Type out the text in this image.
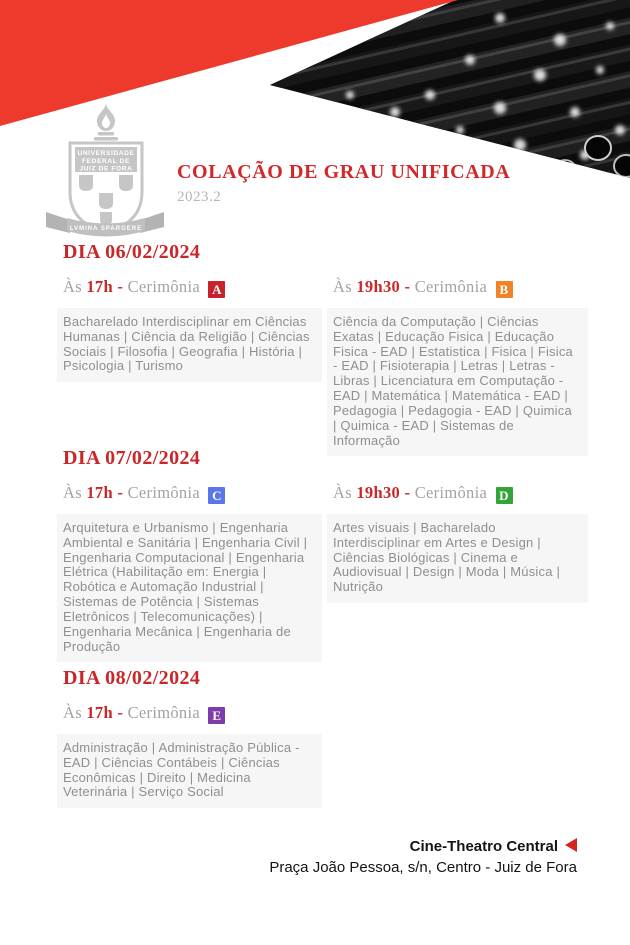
UNIVERSIDADE
FEDERAL DE
JUIZ DE FORA
LVMINA SPARGERE
COLAÇÃO DE GRAU UNIFICADA
2023.2
DIA 06/02/2024
Às 17h - Cerimônia A	Às 19h30 - Cerimônia B
Bacharelado Interdisciplinar em Ciências Humanas | Ciência da Religião | Ciências Sociais | Filosofia | Geografia | História | Psicologia | Turismo
Ciência da Computação | Ciências Exatas | Educação Fisica | Educação Fisica - EAD | Estatistica | Fisica | Fisica - EAD | Fisioterapia | Letras | Letras - Libras | Licenciatura em Computação - EAD | Matemática | Matemática - EAD | Pedagogia | Pedagogia - EAD | Quimica | Quimica - EAD | Sistemas de Informação
DIA 07/02/2024
Às 17h - Cerimônia C	Às 19h30 - Cerimônia D
Arquitetura e Urbanismo | Engenharia Ambiental e Sanitária | Engenharia Civil | Engenharia Computacional | Engenharia Elétrica (Habilitação em: Energia | Robótica e Automação Industrial | Sistemas de Potência | Sistemas Eletrônicos | Telecomunicações) | Engenharia Mecânica | Engenharia de Produção
Artes visuais | Bacharelado Interdisciplinar em Artes e Design | Ciências Biológicas | Cinema e Audiovisual | Design | Moda | Música | Nutrição
DIA 08/02/2024
Às 17h - Cerimônia E
Administração | Administração Pública - EAD | Ciências Contábeis | Ciências Econômicas | Direito | Medicina Veterinária | Serviço Social
Cine-Theatro Central
Praça João Pessoa, s/n, Centro - Juiz de Fora
